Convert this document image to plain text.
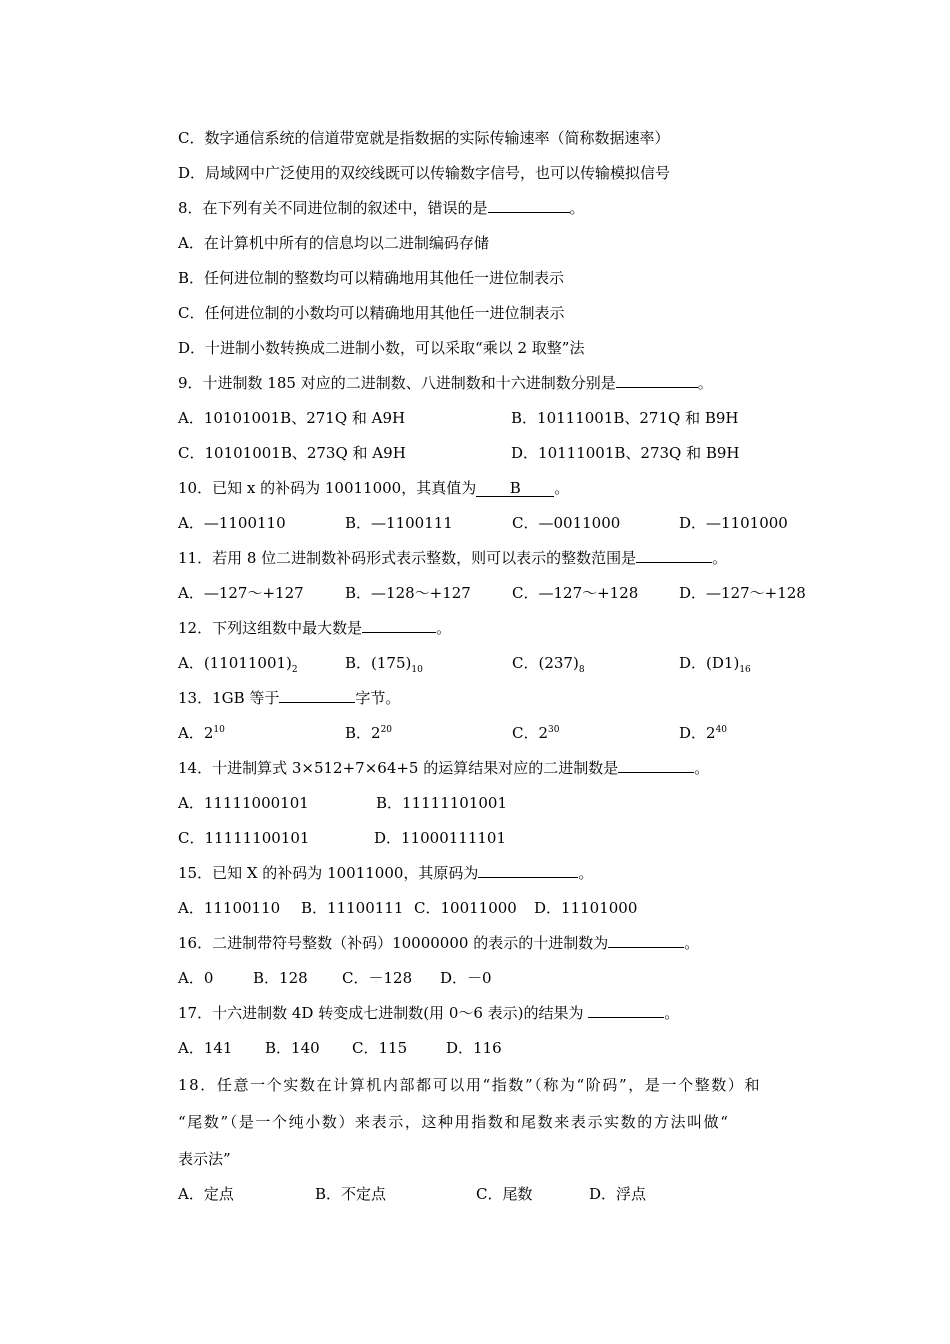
C．数字通信系统的信道带宽就是指数据的实际传输速率（简称数据速率）
D．局域网中广泛使用的双绞线既可以传输数字信号，也可以传输模拟信号
8．在下列有关不同进位制的叙述中，错误的是	。
A．在计算机中所有的信息均以二进制编码存储
B．任何进位制的整数均可以精确地用其他任一进位制表示
C．任何进位制的小数均可以精确地用其他任一进位制表示
D．十进制小数转换成二进制小数，可以采取“乘以 2 取整”法
9．十进制数 185 对应的二进制数、八进制数和十六进制数分别是	。
A．10101001B、271Q 和 A9H	B．10111001B、271Q 和 B9H
C．10101001B、273Q 和 A9H	D．10111001B、273Q 和 B9H
10．已知 x 的补码为 10011000，其真值为 B 。
A．—1100110	B．—1100111	C．—0011000	D．—1101000
11．若用 8 位二进制数补码形式表示整数，则可以表示的整数范围是	。
A．—127～+127	B．—128～+127	C．—127～+128	D．—127～+128
12．下列这组数中最大数是	。
A．$(11011001)_2$	B．$(175)_{10}$	C．$(237)_8$	D．$(D1)_{16}$
13．1GB 等于	字节。
A．$2^{10}$	B．$2^{20}$	C．$2^{30}$	D．$2^{40}$
14．十进制算式 3×512+7×64+5 的运算结果对应的二进制数是	。
A．11111000101	B．11111101001
C．11111100101	D．11000111101
15．已知 X 的补码为 10011000，其原码为	。
A．11100110 B．11100111 C．10011000 D．11101000
16．二进制带符号整数（补码）10000000 的表示的十进制数为	。
A．0	B．128 C．－128 D．－0
17．十六进制数 4D 转变成七进制数(用 0～6 表示)的结果为	。
A．141 B．140 C．115	D．116
18．任意一个实数在计算机内部都可以用“指数”（称为“阶码”，是一个整数）和
“尾数”（是一个纯小数）来表示，这种用指数和尾数来表示实数的方法叫做“
表示法”
A．定点	B．不定点	C．尾数	D．浮点
